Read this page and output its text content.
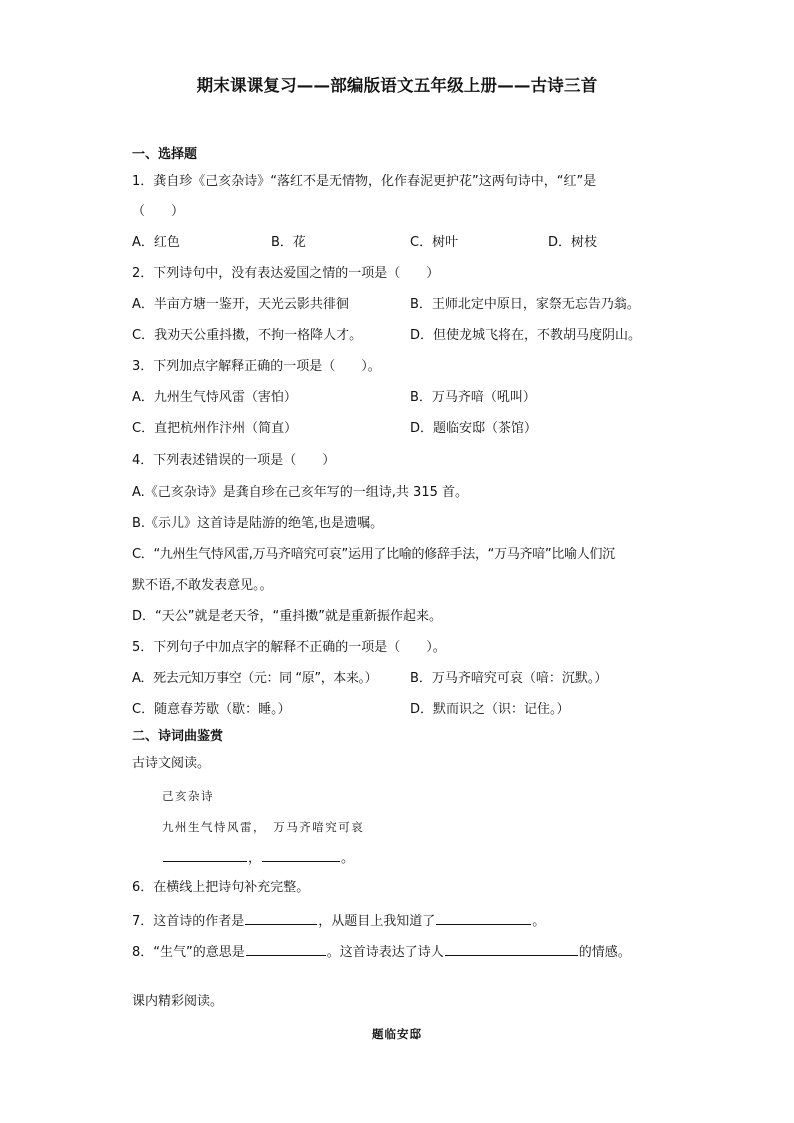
期末课课复习——部编版语文五年级上册——古诗三首
一、选择题
1．龚自珍《己亥杂诗》“落红不是无情物，化作春泥更护花”这两句诗中，“红”是
（　　）
A．红色	B．花	C．树叶	D．树枝
2．下列诗句中，没有表达爱国之情的一项是（　　）
A．半亩方塘一鉴开，天光云影共徘徊	B．王师北定中原日，家祭无忘告乃翁。
C．我劝天公重抖擞，不拘一格降人才。	D．但使龙城飞将在，不教胡马度阴山。
3．下列加点字解释正确的一项是（　　）。
A．九州生气恃风雷（害怕）	B．万马齐喑（吼叫）
C．直把杭州作汴州（简直）	D．题临安邸（茶馆）
4．下列表述错误的一项是（　　）
A.《己亥杂诗》是龚自珍在己亥年写的一组诗,共 315 首。
B.《示儿》这首诗是陆游的绝笔,也是遗嘱。
C．“九州生气恃风雷,万马齐喑究可哀”运用了比喻的修辞手法，“万马齐喑”比喻人们沉
默不语,不敢发表意见。。
D．“天公”就是老天爷，“重抖擞”就是重新振作起来。
5．下列句子中加点字的解释不正确的一项是（　　）。
A．死去元知万事空（元：同 “原”，本来。）	B．万马齐喑究可哀（喑：沉默。）
C．随意春芳歇（歇：睡。）	D．默而识之（识：记住。）
二、诗词曲鉴赏
古诗文阅读。
己亥杂诗
九州生气恃风雷，　万马齐喑究可哀
，	。
6．在横线上把诗句补充完整。
7．这首诗的作者是	，从题目上我知道了	。
8．“生气”的意思是	。这首诗表达了诗人	的情感。
课内精彩阅读。
题临安邸
